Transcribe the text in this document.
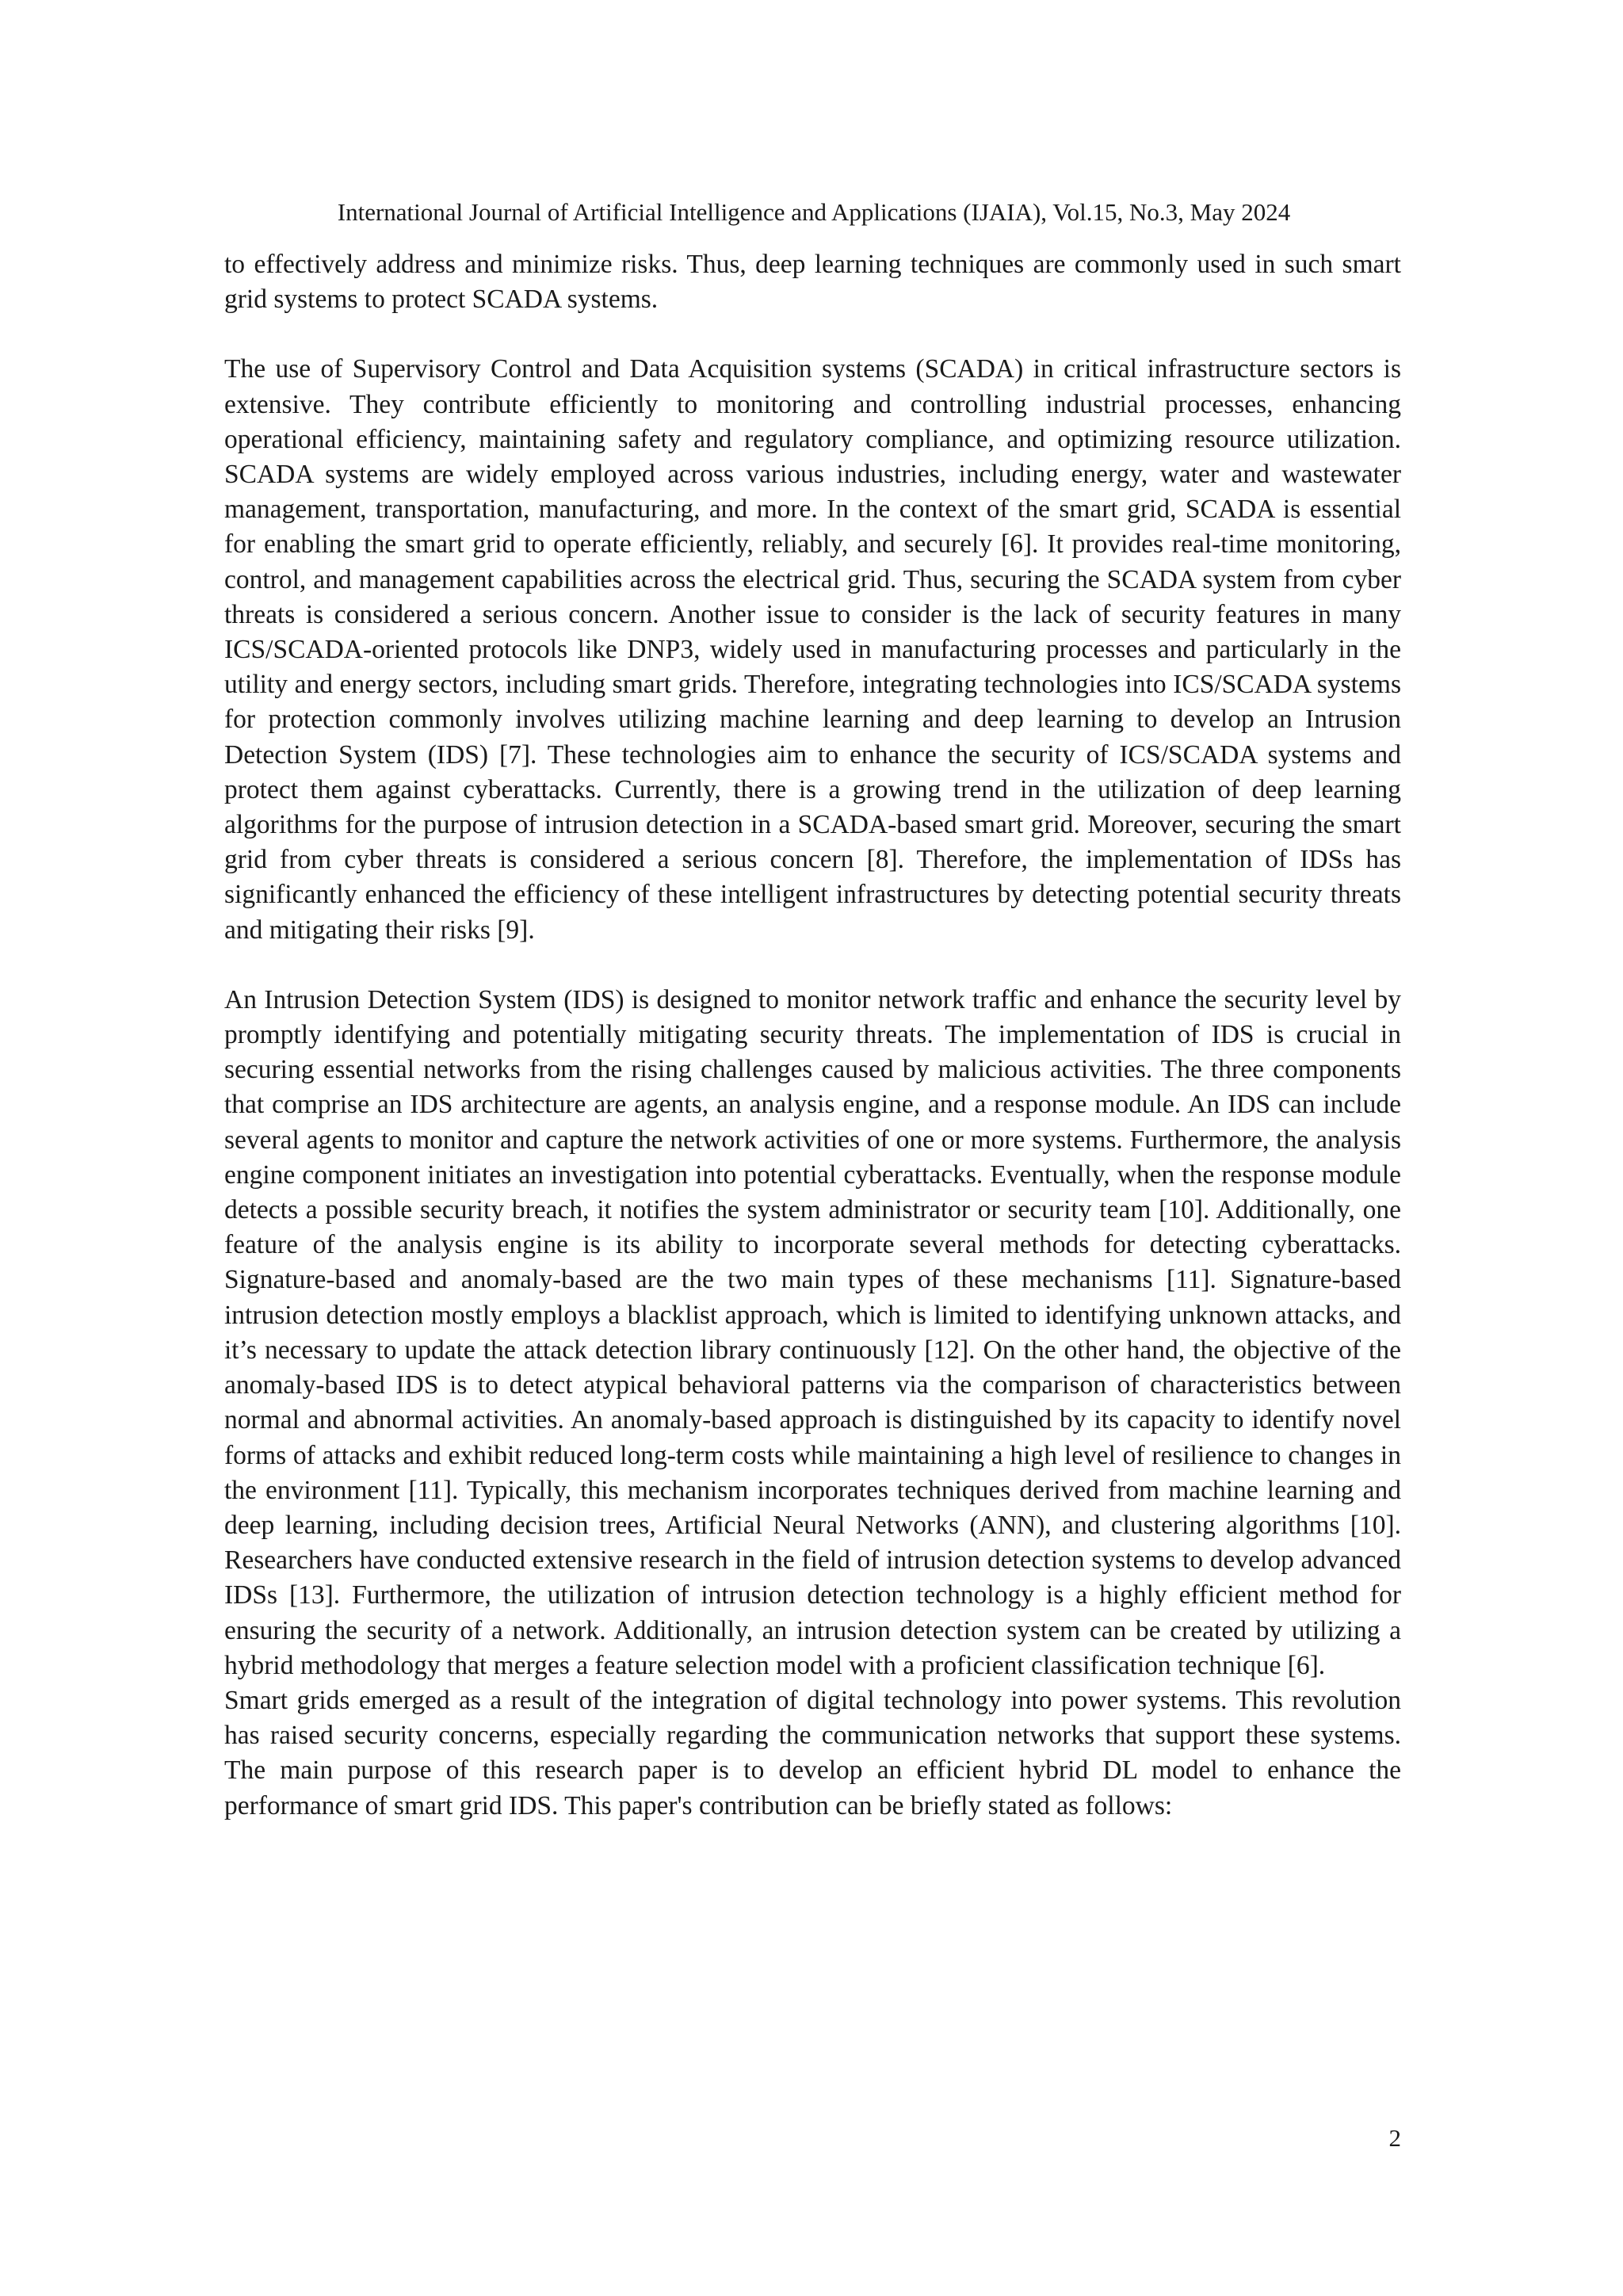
International Journal of Artificial Intelligence and Applications (IJAIA), Vol.15, No.3, May 2024

to effectively address and minimize risks. Thus, deep learning techniques are commonly used in such smart grid systems to protect SCADA systems.

The use of Supervisory Control and Data Acquisition systems (SCADA) in critical infrastructure sectors is extensive. They contribute efficiently to monitoring and controlling industrial processes, enhancing operational efficiency, maintaining safety and regulatory compliance, and optimizing resource utilization. SCADA systems are widely employed across various industries, including energy, water and wastewater management, transportation, manufacturing, and more. In the context of the smart grid, SCADA is essential for enabling the smart grid to operate efficiently, reliably, and securely [6]. It provides real-time monitoring, control, and management capabilities across the electrical grid. Thus, securing the SCADA system from cyber threats is considered a serious concern. Another issue to consider is the lack of security features in many ICS/SCADA-oriented protocols like DNP3, widely used in manufacturing processes and particularly in the utility and energy sectors, including smart grids. Therefore, integrating technologies into ICS/SCADA systems for protection commonly involves utilizing machine learning and deep learning to develop an Intrusion Detection System (IDS) [7]. These technologies aim to enhance the security of ICS/SCADA systems and protect them against cyberattacks. Currently, there is a growing trend in the utilization of deep learning algorithms for the purpose of intrusion detection in a SCADA-based smart grid. Moreover, securing the smart grid from cyber threats is considered a serious concern [8]. Therefore, the implementation of IDSs has significantly enhanced the efficiency of these intelligent infrastructures by detecting potential security threats and mitigating their risks [9].

An Intrusion Detection System (IDS) is designed to monitor network traffic and enhance the security level by promptly identifying and potentially mitigating security threats. The implementation of IDS is crucial in securing essential networks from the rising challenges caused by malicious activities. The three components that comprise an IDS architecture are agents, an analysis engine, and a response module. An IDS can include several agents to monitor and capture the network activities of one or more systems. Furthermore, the analysis engine component initiates an investigation into potential cyberattacks. Eventually, when the response module detects a possible security breach, it notifies the system administrator or security team [10]. Additionally, one feature of the analysis engine is its ability to incorporate several methods for detecting cyberattacks. Signature-based and anomaly-based are the two main types of these mechanisms [11]. Signature-based intrusion detection mostly employs a blacklist approach, which is limited to identifying unknown attacks, and it’s necessary to update the attack detection library continuously [12]. On the other hand, the objective of the anomaly-based IDS is to detect atypical behavioral patterns via the comparison of characteristics between normal and abnormal activities. An anomaly-based approach is distinguished by its capacity to identify novel forms of attacks and exhibit reduced long-term costs while maintaining a high level of resilience to changes in the environment [11]. Typically, this mechanism incorporates techniques derived from machine learning and deep learning, including decision trees, Artificial Neural Networks (ANN), and clustering algorithms [10]. Researchers have conducted extensive research in the field of intrusion detection systems to develop advanced IDSs [13]. Furthermore, the utilization of intrusion detection technology is a highly efficient method for ensuring the security of a network. Additionally, an intrusion detection system can be created by utilizing a hybrid methodology that merges a feature selection model with a proficient classification technique [6].

Smart grids emerged as a result of the integration of digital technology into power systems. This revolution has raised security concerns, especially regarding the communication networks that support these systems. The main purpose of this research paper is to develop an efficient hybrid DL model to enhance the performance of smart grid IDS. This paper's contribution can be briefly stated as follows:

2
